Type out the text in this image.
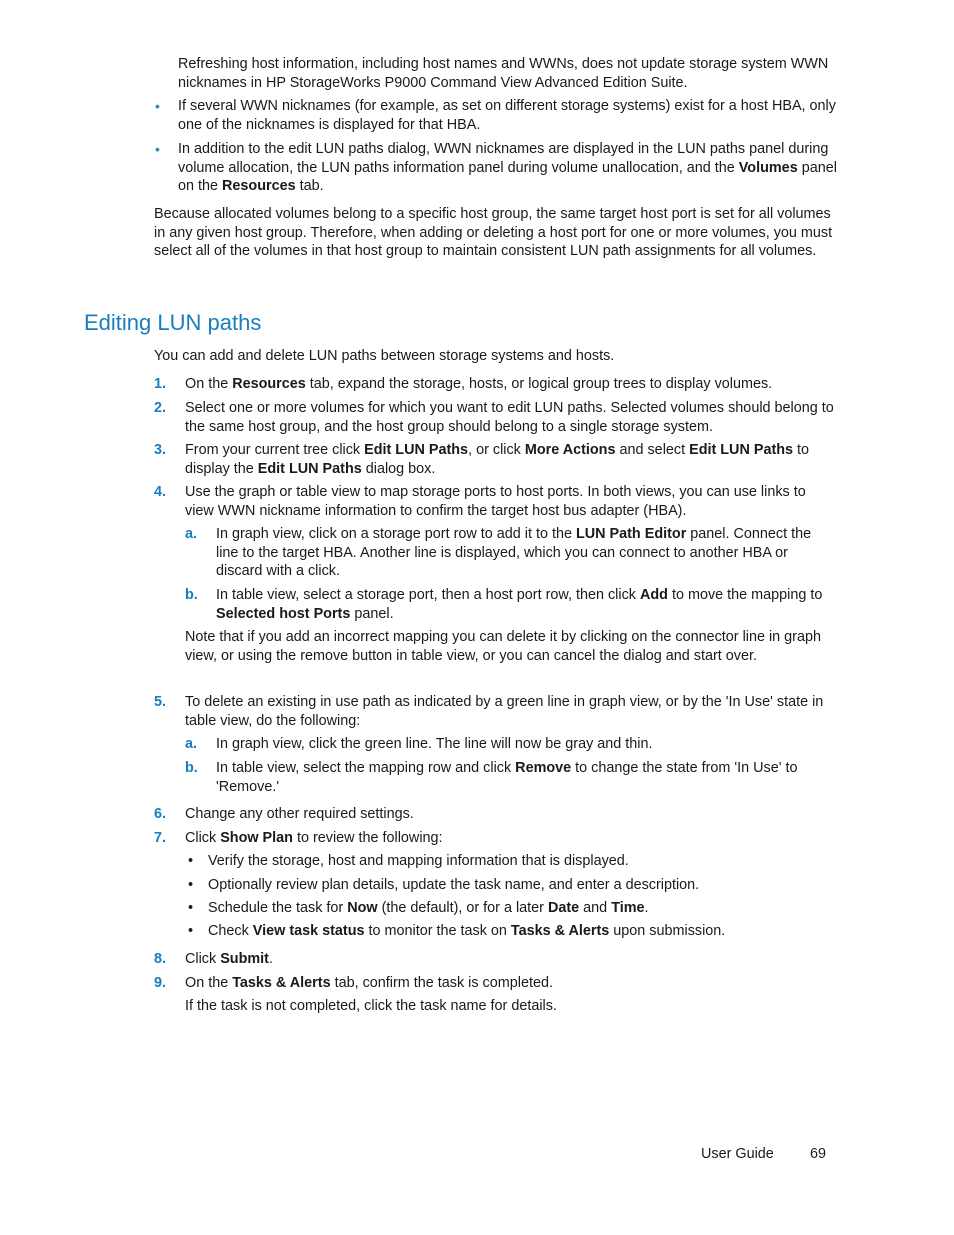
Refreshing host information, including host names and WWNs, does not update storage system WWN nicknames in HP StorageWorks P9000 Command View Advanced Edition Suite.

• If several WWN nicknames (for example, as set on different storage systems) exist for a host HBA, only one of the nicknames is displayed for that HBA.

• In addition to the edit LUN paths dialog, WWN nicknames are displayed in the LUN paths panel during volume allocation, the LUN paths information panel during volume unallocation, and the Volumes panel on the Resources tab.

Because allocated volumes belong to a specific host group, the same target host port is set for all volumes in any given host group. Therefore, when adding or deleting a host port for one or more volumes, you must select all of the volumes in that host group to maintain consistent LUN path assignments for all volumes.

Editing LUN paths

You can add and delete LUN paths between storage systems and hosts.

1. On the Resources tab, expand the storage, hosts, or logical group trees to display volumes.

2. Select one or more volumes for which you want to edit LUN paths. Selected volumes should belong to the same host group, and the host group should belong to a single storage system.

3. From your current tree click Edit LUN Paths, or click More Actions and select Edit LUN Paths to display the Edit LUN Paths dialog box.

4. Use the graph or table view to map storage ports to host ports. In both views, you can use links to view WWN nickname information to confirm the target host bus adapter (HBA).

a. In graph view, click on a storage port row to add it to the LUN Path Editor panel. Connect the line to the target HBA. Another line is displayed, which you can connect to another HBA or discard with a click.

b. In table view, select a storage port, then a host port row, then click Add to move the mapping to Selected host Ports panel.

Note that if you add an incorrect mapping you can delete it by clicking on the connector line in graph view, or using the remove button in table view, or you can cancel the dialog and start over.

5. To delete an existing in use path as indicated by a green line in graph view, or by the 'In Use' state in table view, do the following:

a. In graph view, click the green line. The line will now be gray and thin.

b. In table view, select the mapping row and click Remove to change the state from 'In Use' to 'Remove.'

6. Change any other required settings.

7. Click Show Plan to review the following:

• Verify the storage, host and mapping information that is displayed.

• Optionally review plan details, update the task name, and enter a description.

• Schedule the task for Now (the default), or for a later Date and Time.

• Check View task status to monitor the task on Tasks & Alerts upon submission.

8. Click Submit.

9. On the Tasks & Alerts tab, confirm the task is completed.

If the task is not completed, click the task name for details.

User Guide	69
